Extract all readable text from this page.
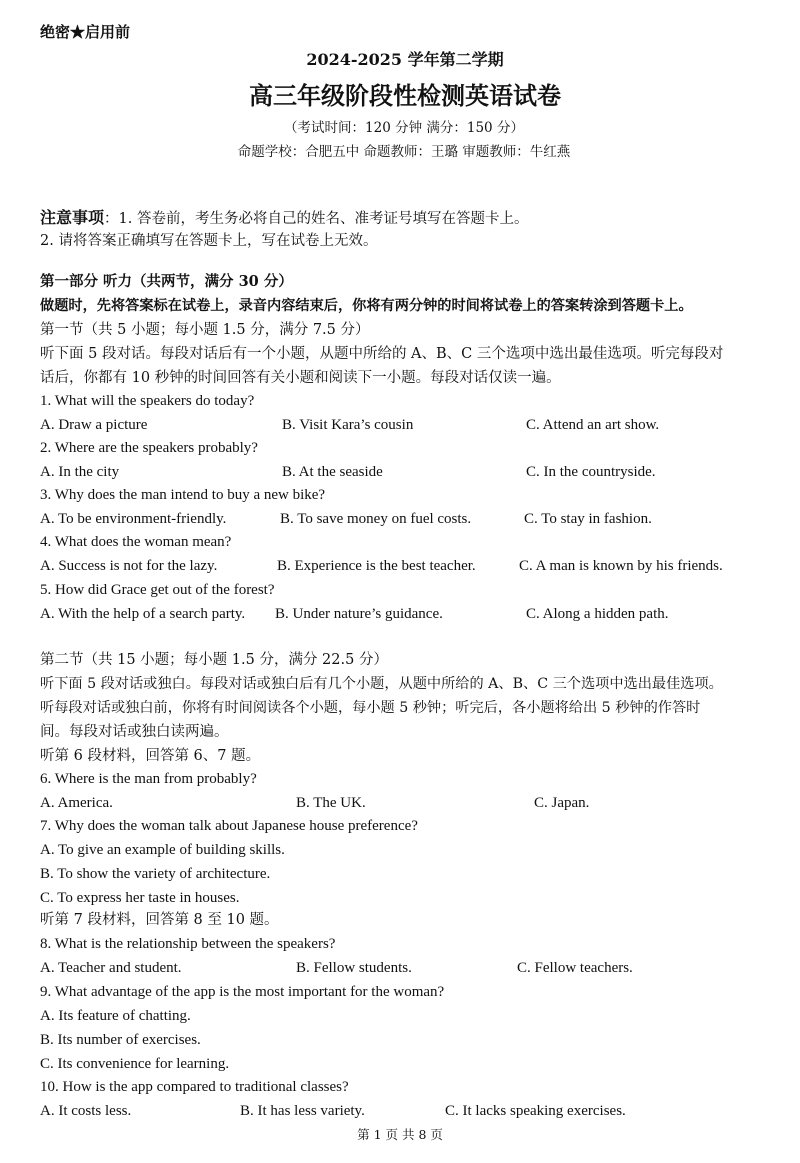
绝密★启用前
2024-2025 学年第二学期
高三年级阶段性检测英语试卷
（考试时间：120 分钟 满分：150 分）
命题学校：合肥五中 命题教师：王璐 审题教师：牛红燕
注意事项：1. 答卷前，考生务必将自己的姓名、准考证号填写在答题卡上。
2. 请将答案正确填写在答题卡上，写在试卷上无效。
第一部分 听力（共两节，满分 30 分）
做题时，先将答案标在试卷上，录音内容结束后，你将有两分钟的时间将试卷上的答案转涂到答题卡上。
第一节（共 5 小题；每小题 1.5 分，满分 7.5 分）
听下面 5 段对话。每段对话后有一个小题，从题中所给的 A、B、C 三个选项中选出最佳选项。听完每段对
话后，你都有 10 秒钟的时间回答有关小题和阅读下一小题。每段对话仅读一遍。
1. What will the speakers do today?
A. Draw a picture	B. Visit Kara’s cousin	C. Attend an art show.
2. Where are the speakers probably?
A. In the city	B. At the seaside	C. In the countryside.
3. Why does the man intend to buy a new bike?
A. To be environment-friendly.	B. To save money on fuel costs.	C. To stay in fashion.
4. What does the woman mean?
A. Success is not for the lazy.	B. Experience is the best teacher.	C. A man is known by his friends.
5. How did Grace get out of the forest?
A. With the help of a search party. B. Under nature’s guidance.	C. Along a hidden path.
第二节（共 15 小题；每小题 1.5 分，满分 22.5 分）
听下面 5 段对话或独白。每段对话或独白后有几个小题，从题中所给的 A、B、C 三个选项中选出最佳选项。
听每段对话或独白前，你将有时间阅读各个小题，每小题 5 秒钟；听完后，各小题将给出 5 秒钟的作答时
间。每段对话或独白读两遍。
听第 6 段材料，回答第 6、7 题。
6. Where is the man from probably?
A. America.	B. The UK.	C. Japan.
7. Why does the woman talk about Japanese house preference?
A. To give an example of building skills.
B. To show the variety of architecture.
C. To express her taste in houses.
听第 7 段材料，回答第 8 至 10 题。
8. What is the relationship between the speakers?
A. Teacher and student.	B. Fellow students.	C. Fellow teachers.
9. What advantage of the app is the most important for the woman?
A. Its feature of chatting.
B. Its number of exercises.
C. Its convenience for learning.
10. How is the app compared to traditional classes?
A. It costs less.	B. It has less variety.	C. It lacks speaking exercises.
第 1 页 共 8 页
